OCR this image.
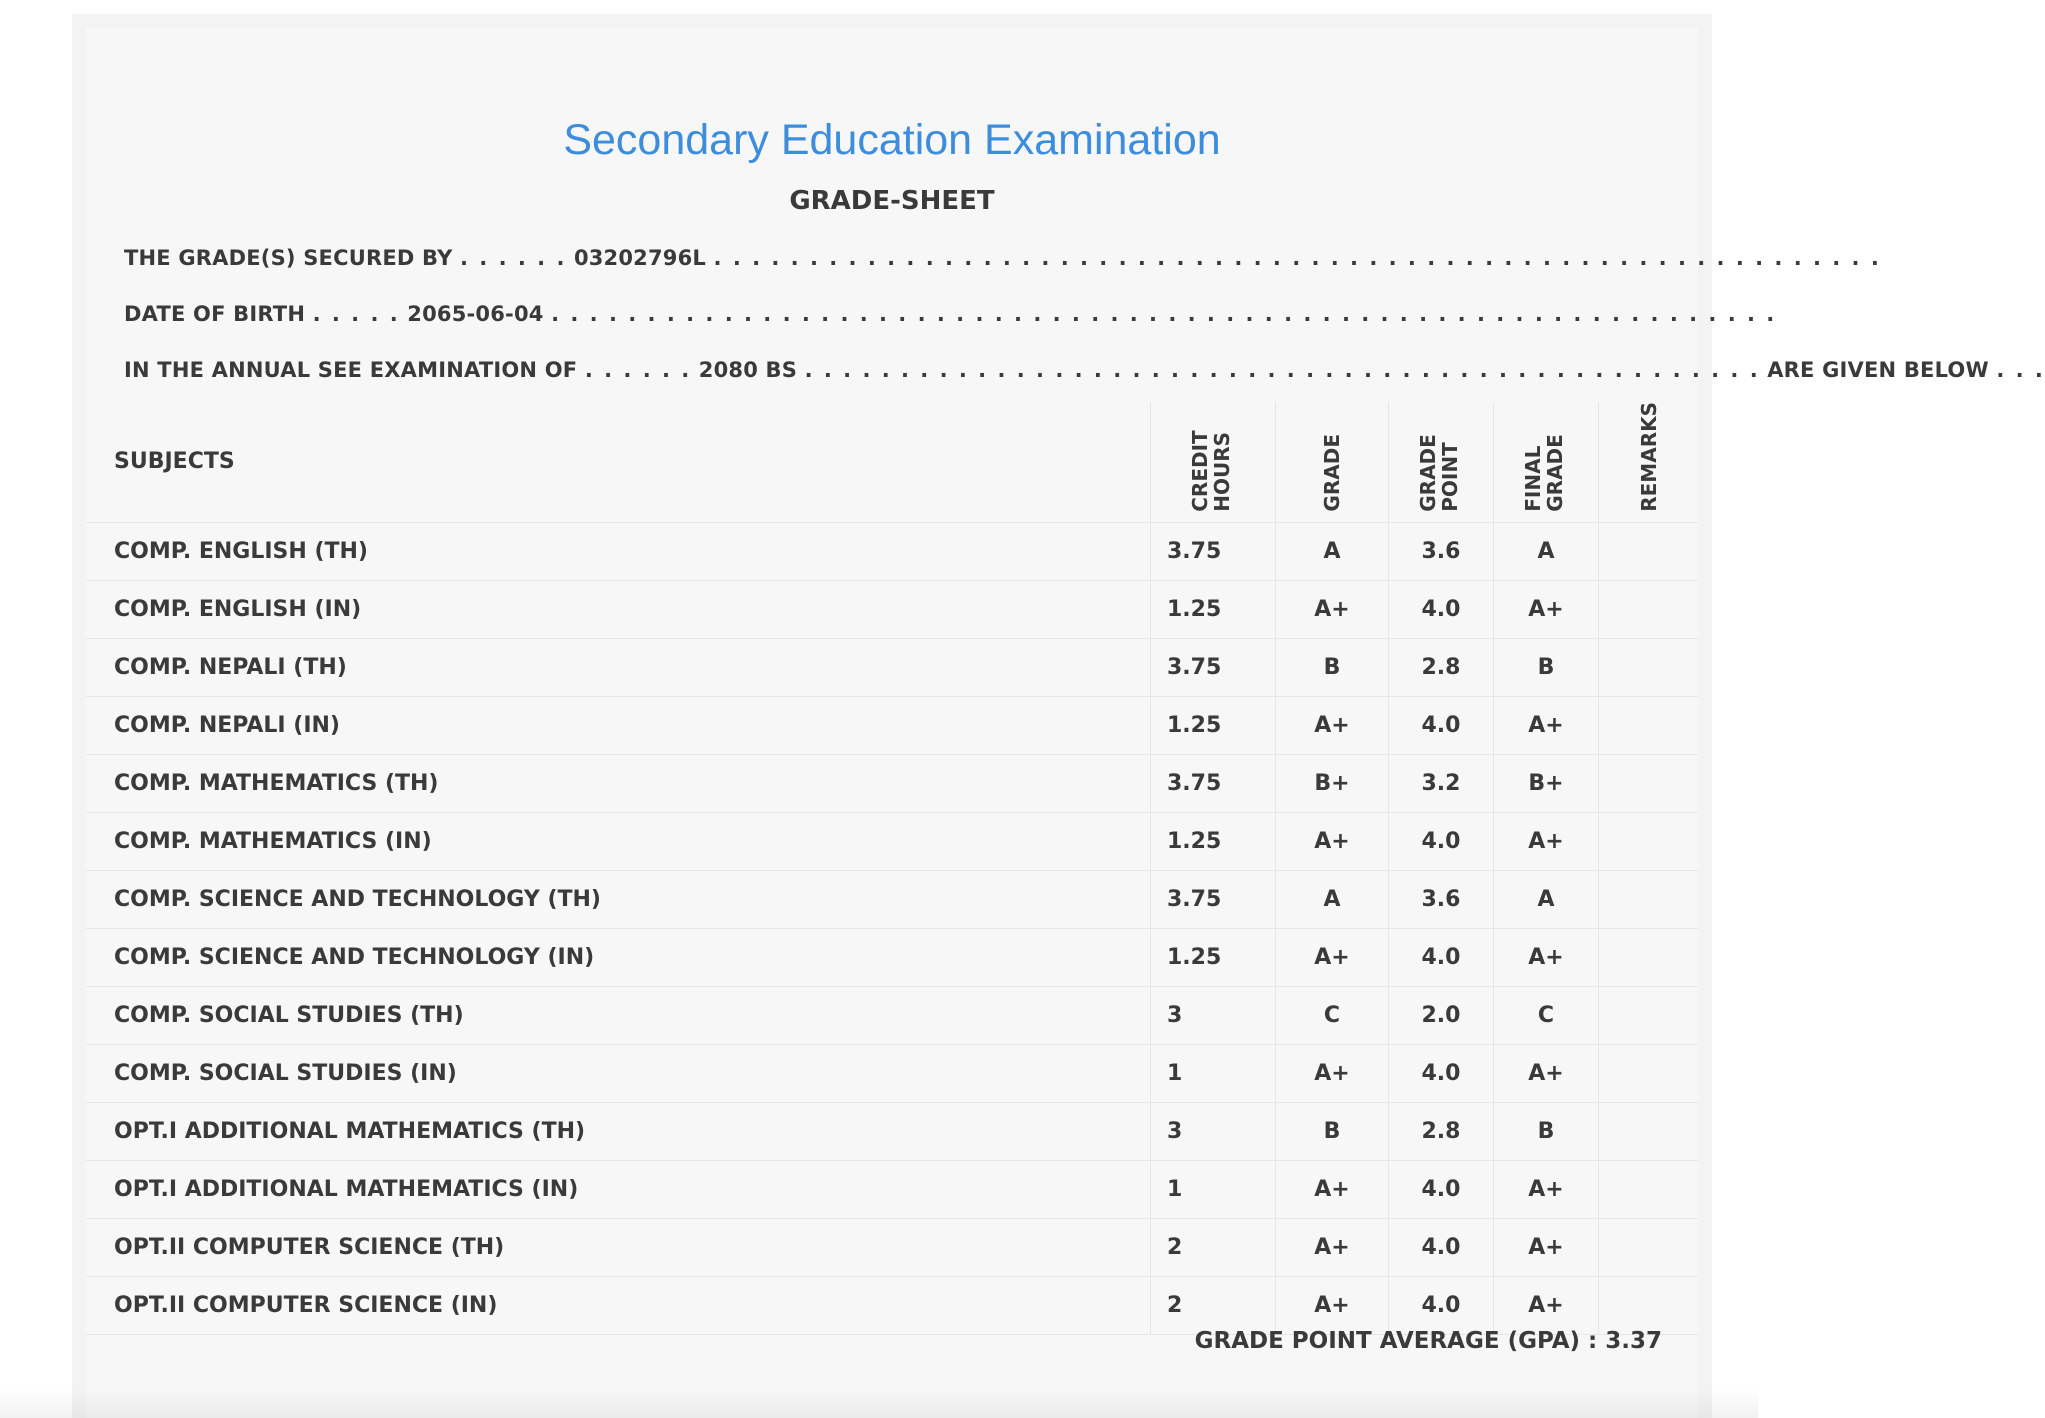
Secondary Education Examination
GRADE-SHEET
THE GRADE(S) SECURED BY . . . . . . 03202796L . . . . . . . . . . . . . . . . . . . . . . . . . . . . . . . . . . . . . . . . . . . . . . . . . . . . . . . . . . . . .
DATE OF BIRTH . . . . . 2065-06-04 . . . . . . . . . . . . . . . . . . . . . . . . . . . . . . . . . . . . . . . . . . . . . . . . . . . . . . . . . . . . . . . .
IN THE ANNUAL SEE EXAMINATION OF . . . . . . 2080 BS . . . . . . . . . . . . . . . . . . . . . . . . . . . . . . . . . . . . . . . . . . . . . . . . . . ARE GIVEN BELOW . . .
SUBJECTS	CREDIT HOURS	GRADE	GRADE POINT	FINAL GRADE	REMARKS
COMP. ENGLISH (TH)	3.75	A	3.6	A	
COMP. ENGLISH (IN)	1.25	A+	4.0	A+	
COMP. NEPALI (TH)	3.75	B	2.8	B	
COMP. NEPALI (IN)	1.25	A+	4.0	A+	
COMP. MATHEMATICS (TH)	3.75	B+	3.2	B+	
COMP. MATHEMATICS (IN)	1.25	A+	4.0	A+	
COMP. SCIENCE AND TECHNOLOGY (TH)	3.75	A	3.6	A	
COMP. SCIENCE AND TECHNOLOGY (IN)	1.25	A+	4.0	A+	
COMP. SOCIAL STUDIES (TH)	3	C	2.0	C	
COMP. SOCIAL STUDIES (IN)	1	A+	4.0	A+	
OPT.I ADDITIONAL MATHEMATICS (TH)	3	B	2.8	B	
OPT.I ADDITIONAL MATHEMATICS (IN)	1	A+	4.0	A+	
OPT.II COMPUTER SCIENCE (TH)	2	A+	4.0	A+	
OPT.II COMPUTER SCIENCE (IN)	2	A+	4.0	A+	
GRADE POINT AVERAGE (GPA) : 3.37
